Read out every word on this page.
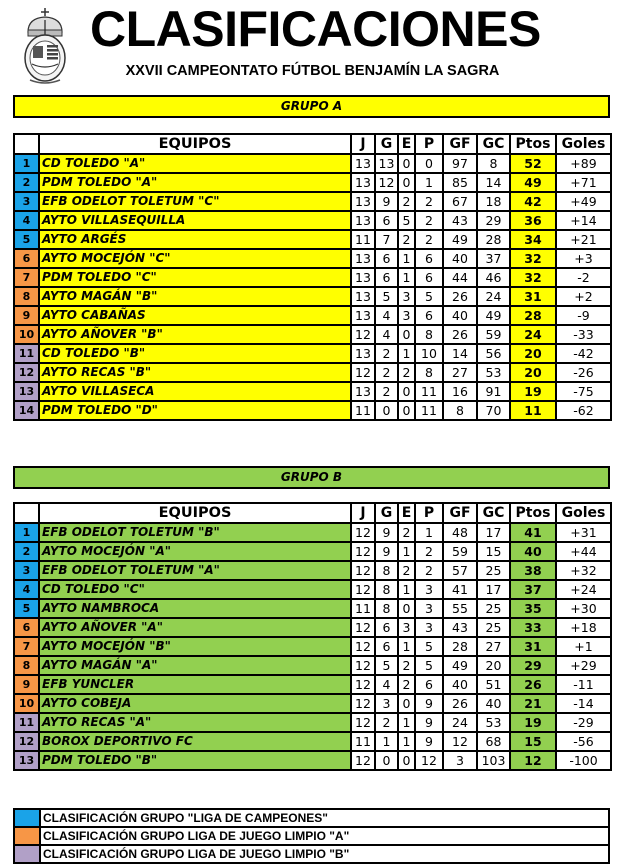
CLASIFICACIONES
XXVII CAMPEONTATO FÚTBOL BENJAMÍN LA SAGRA
GRUPO A
	EQUIPOS	J	G	E	P	GF	GC	Ptos	Goles
1	CD TOLEDO "A"	13	13	0	0	97	8	52	+89
2	PDM TOLEDO "A"	13	12	0	1	85	14	49	+71
3	EFB ODELOT TOLETUM "C"	13	9	2	2	67	18	42	+49
4	AYTO VILLASEQUILLA	13	6	5	2	43	29	36	+14
5	AYTO ARGÉS	11	7	2	2	49	28	34	+21
6	AYTO MOCEJÓN "C"	13	6	1	6	40	37	32	+3
7	PDM TOLEDO "C"	13	6	1	6	44	46	32	-2
8	AYTO MAGÁN "B"	13	5	3	5	26	24	31	+2
9	AYTO CABAÑAS	13	4	3	6	40	49	28	-9
10	AYTO AÑOVER "B"	12	4	0	8	26	59	24	-33
11	CD TOLEDO "B"	13	2	1	10	14	56	20	-42
12	AYTO RECAS "B"	12	2	2	8	27	53	20	-26
13	AYTO VILLASECA	13	2	0	11	16	91	19	-75
14	PDM TOLEDO "D"	11	0	0	11	8	70	11	-62
GRUPO B
	EQUIPOS	J	G	E	P	GF	GC	Ptos	Goles
1	EFB ODELOT TOLETUM "B"	12	9	2	1	48	17	41	+31
2	AYTO MOCEJÓN "A"	12	9	1	2	59	15	40	+44
3	EFB ODELOT TOLETUM "A"	12	8	2	2	57	25	38	+32
4	CD TOLEDO "C"	12	8	1	3	41	17	37	+24
5	AYTO NAMBROCA	11	8	0	3	55	25	35	+30
6	AYTO AÑOVER "A"	12	6	3	3	43	25	33	+18
7	AYTO MOCEJÓN "B"	12	6	1	5	28	27	31	+1
8	AYTO MAGÁN "A"	12	5	2	5	49	20	29	+29
9	EFB YUNCLER	12	4	2	6	40	51	26	-11
10	AYTO COBEJA	12	3	0	9	26	40	21	-14
11	AYTO RECAS "A"	12	2	1	9	24	53	19	-29
12	BOROX DEPORTIVO FC	11	1	1	9	12	68	15	-56
13	PDM TOLEDO "B"	12	0	0	12	3	103	12	-100
CLASIFICACIÓN GRUPO "LIGA DE CAMPEONES"
CLASIFICACIÓN GRUPO LIGA DE JUEGO LIMPIO "A"
CLASIFICACIÓN GRUPO LIGA DE JUEGO LIMPIO "B"
